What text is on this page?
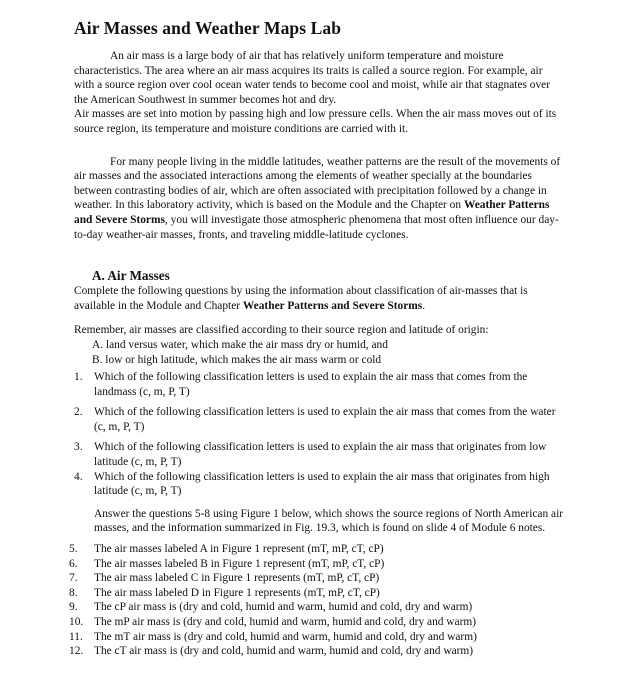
Air Masses and Weather Maps Lab

An air mass is a large body of air that has relatively uniform temperature and moisture characteristics. The area where an air mass acquires its traits is called a source region. For example, air with a source region over cool ocean water tends to become cool and moist, while air that stagnates over the American Southwest in summer becomes hot and dry.
Air masses are set into motion by passing high and low pressure cells. When the air mass moves out of its source region, its temperature and moisture conditions are carried with it.

For many people living in the middle latitudes, weather patterns are the result of the movements of air masses and the associated interactions among the elements of weather specially at the boundaries between contrasting bodies of air, which are often associated with precipitation followed by a change in weather. In this laboratory activity, which is based on the Module and the Chapter on Weather Patterns and Severe Storms, you will investigate those atmospheric phenomena that most often influence our day-to-day weather-air masses, fronts, and traveling middle-latitude cyclones.

A. Air Masses

Complete the following questions by using the information about classification of air-masses that is available in the Module and Chapter Weather Patterns and Severe Storms.

Remember, air masses are classified according to their source region and latitude of origin:
A. land versus water, which make the air mass dry or humid, and
B. low or high latitude, which makes the air mass warm or cold
1. Which of the following classification letters is used to explain the air mass that comes from the landmass (c, m, P, T)
2. Which of the following classification letters is used to explain the air mass that comes from the water (c, m, P, T)
3. Which of the following classification letters is used to explain the air mass that originates from low latitude (c, m, P, T)
4. Which of the following classification letters is used to explain the air mass that originates from high latitude (c, m, P, T)
Answer the questions 5-8 using Figure 1 below, which shows the source regions of North American air masses, and the information summarized in Fig. 19.3, which is found on slide 4 of Module 6 notes.
5. The air masses labeled A in Figure 1 represent (mT, mP, cT, cP)
6. The air masses labeled B in Figure 1 represent (mT, mP, cT, cP)
7. The air mass labeled C in Figure 1 represents (mT, mP, cT, cP)
8. The air mass labeled D in Figure 1 represents (mT, mP, cT, cP)
9. The cP air mass is (dry and cold, humid and warm, humid and cold, dry and warm)
10. The mP air mass is (dry and cold, humid and warm, humid and cold, dry and warm)
11. The mT air mass is (dry and cold, humid and warm, humid and cold, dry and warm)
12. The cT air mass is (dry and cold, humid and warm, humid and cold, dry and warm)
